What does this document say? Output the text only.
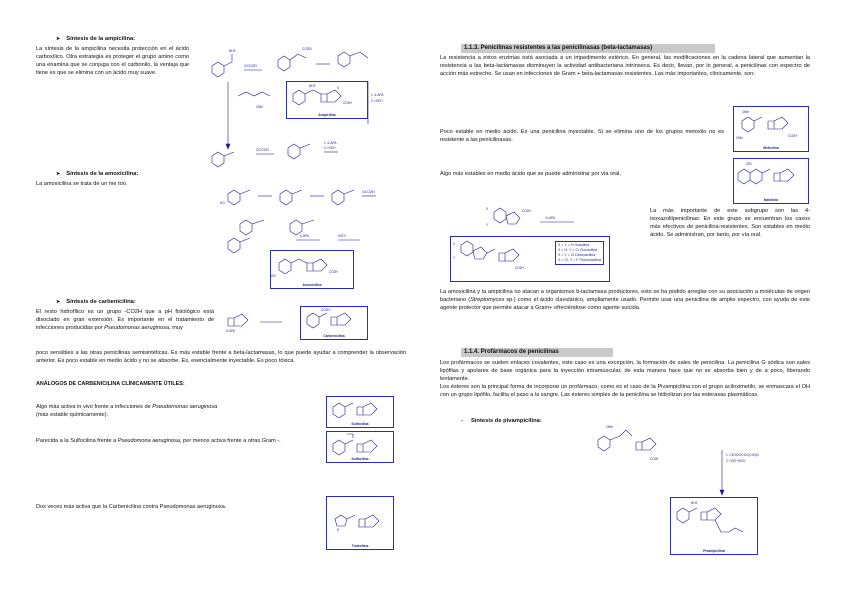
➤ Síntesis de la ampicilina:
La síntesis de la ampicilina necesita protección en el ácido carboxílico. Otra estrategia es proteger el grupo amino como una enamina que se conjuga con el carbonilo, la ventaja que tiene es que se elimina con un ácido muy suave.
NH2
ClCO2Et
CO2Et
OMe
1. 6-APA
2. H3O+
ClCO2Et
1. 6-APA
2. H3O+
NH2
CO2H
S
Ampicilina
➤ Síntesis de la amoxicilina:
La amoxicilina se trata de un me too.
HO
ClCO2Et
6-APA	H3O+
HO
CO2H
Amoxicilina
➤ Síntesis de carbenicilina:
El resto hidrofílico es un grupo -CO2H que a pH fisiológico está disociado en gran extensión. Es importante en el tratamiento de infecciones producidas por Pseudomonas aeruginosa, muy
poco sensibles a las otras penicilinas semisintéticas. Es más estable frente a beta-lactamasas, lo que puede ayudar a comprender la observación anterior. Es poco estable en medio ácido y no se absorbe. Es, esencialmente inyectable. Es poco tóxica.
6-APA
CO2H
Carbenicilina
ANÁLOGOS DE CARBENICILINA CLÍNICAMENTE ÚTILES:
Algo más activa in vivo frente a infecciones de Pseudomonas aeruginosa
(más estable químicamente).
Sulfocilina
Parecida a la Sulfocilina frente a Pseudomona aeruginosa, per menos activa frente a otras Gram -.
Sulfocilina
Dos veces más activa que la Carbenicilina contra Pseudomonas aeruginosa.
S
Ticarcilina
1.1.3. Penicilinas resistentes a las penicilinasas (beta-lactamasas)
La resistencia a estos enzimas está asociada a un impedimento estérico. En general, las modificaciones en la cadena lateral que aumentan la resistencia a las beta-lactamasas disminuyen la actividad antibacteriana intrínseca. Es decir, llevan, por lo general, a penicilinas con espectro de acción más estrecho. Se usan en infecciones de Gram + beta-lactamasas resistentes. Las más importantes, clínicamente, son:
Poco estable en medio ácido. Es una penicilina inyectable. Si se elimina uno de los grupos metoxilo no es resistente a las penicilinasas.
OMe
OMe	CO2H
Meticilina
Algo más estables en medio ácido que se puede administrar por vía oral,
OEt
Nafcilina
X
Y
CO2H
6-APA
CO2H
X
Y
X = Y = H Oxacilina
X = H, Y = Cl Cloxacilina
X = Y = Cl Dicloxacilina
X = Cl, Y = F Flucloxacilina
La más importante de este subgrupo son las 4-isoxazolilpenicilinas: En este grupo se encuentran los casos más efectivos de penicilina-resistentes. Son estables en medio ácido. Se administran, por tanto, por vía oral.
La amoxicilina y la ampicilina no atacan a organismos b-lactamasa productores, esto se ha podido arreglar con su asociación a moléculas de origen bacteriano (Streptomyces sp.) como el ácido clavulánico, ampliamente usado. Permite usar una penicilina de amplio espectro, con ayuda de este agente protector que permite atacar a Gram+ ofreciéndose como agente suicida.
1.1.4. Profármacos de penicilinas
Los profármacos se suelen enlaces covalentes, este caso es una excepción, la formación de sales de penicilina. La penicilina G sódica son sales lipófilas y apolares de base orgánica para la inyección intramuscular, de esta manera hace que no se absorba bien y de a poco, liberando lentamente.
Los ésteres son la principal forma de incorporar un profármaco, como es el caso de la Pivampicilina con el grupo aciloximetilo, se enmascara el OH con un grupo lipófilo, facilita el paso a la sangre. Las ésteres simples de la penicilina se hidrolizan por las esterasas plasmáticas.
- Síntesis de pivampicilina:
CO2K
OMe
1. ClCH2OCOC(CH3)3
2. H3O+/H2O
NH2
Pivampicilina
